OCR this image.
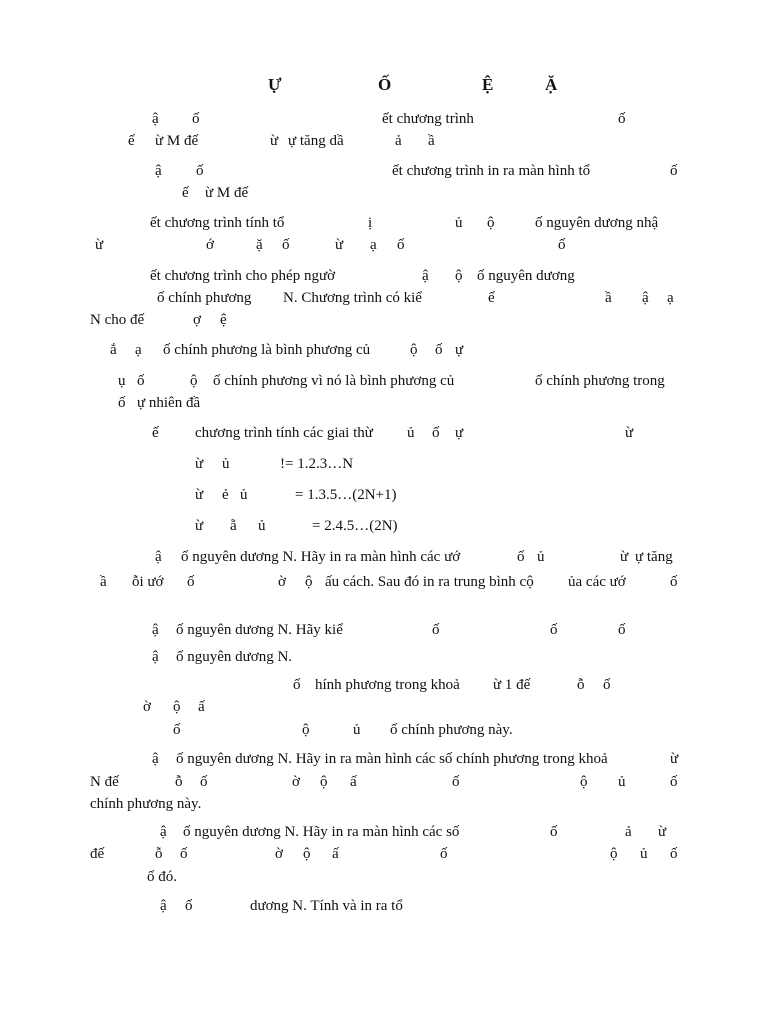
Ự	Ố	Ệ	Ặ
ậ ố	ết chương trình	ố
ế ừ M đế	ừ ự tăng dầ	ả ầ
ậ ố	ết chương trình in ra màn hình tổ	ố
ế ừ M đế
ết chương trình tính tổ	ị	ủ ộ	ố nguyên dương nhậ
ừ	ớ	ặ ố	ừ ạ ố	ố
ết chương trình cho phép ngườ	ậ ộ ố nguyên dương
ố chính phương N. Chương trình có kiể	ế	ầ ậ ạ
N cho đế	ợ ệ
ắ ạ ố chính phương là bình phương củ	ộ ố ự
ụ ố	ộ ố chính phương vì nó là bình phương củ	ố chính phương trong
ố ự nhiên đầ
ế chương trình tính các giai thừ ủ ố ự	ừ
ừ ủ	!= 1.2.3…N
ừ ẻ ủ	= 1.3.5…(2N+1)
ừ ẵ ủ	= 2.4.5…(2N)
ậ ố nguyên dương N. Hãy in ra màn hình các ướ	ố ủ	ừ ự tăng
ầ ỗi ướ ố	ờ ộ ấu cách. Sau đó in ra trung bình cộ ủa các ướ	ố
ậ ố nguyên dương N. Hãy kiể	ố	ố	ố
ậ ố nguyên dương N.
ố hính phương trong khoả ừ 1 đế	ỗ ố
ờ ộ ấ
ố	ộ	ủ ố chính phương này.
ậ ố nguyên dương N. Hãy in ra màn hình các số chính phương trong khoả	ừ
N đế	ỗ ố	ờ ộ ấ	ố	ộ ủ	ố
chính phương này.
ậ ố nguyên dương N. Hãy in ra màn hình các số	ố	ả ừ
đế	ỗ ố	ờ ộ ấ	ố	ộ ủ ố
ố đó.
ậ ố	dương N. Tính và in ra tổ
